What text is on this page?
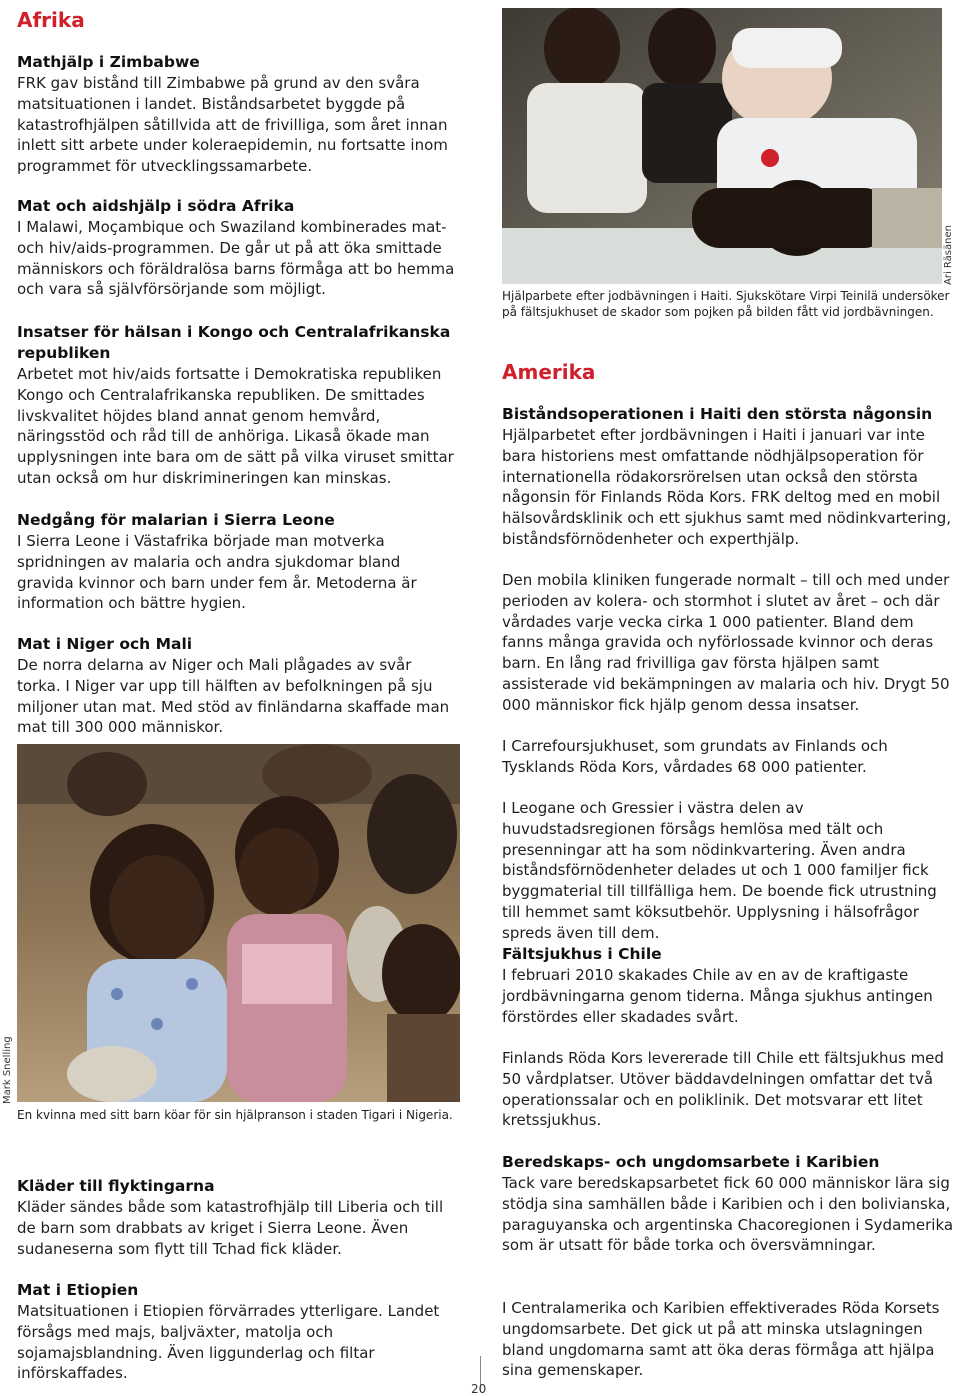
Afrika
Mathjälp i Zimbabwe

FRK gav bistånd till Zimbabwe på grund av den svåra matsituationen i landet. Biståndsarbetet byggde på katastrofhjälpen såtillvida att de frivilliga, som året innan inlett sitt arbete under koleraepidemin, nu fortsatte inom programmet för utvecklingssamarbete.

Mat och aidshjälp i södra Afrika

I Malawi, Moçambique och Swaziland kombinerades mat- och hiv/aids-programmen. De går ut på att öka smittade människors och föräldralösa barns förmåga att bo hemma och vara så självförsörjande som möjligt.

Insatser för hälsan i Kongo och Centralafrikanska republiken

Arbetet mot hiv/aids fortsatte i Demokratiska republiken Kongo och Centralafrikanska republiken. De smittades livskvalitet höjdes bland annat genom hemvård, näringsstöd och råd till de anhöriga. Likaså ökade man upplysningen inte bara om de sätt på vilka viruset smittar utan också om hur diskrimineringen kan minskas.

Nedgång för malarian i Sierra Leone

I Sierra Leone i Västafrika började man motverka spridningen av malaria och andra sjukdomar bland gravida kvinnor och barn under fem år. Metoderna är information och bättre hygien.

Mat i Niger och Mali

De norra delarna av Niger och Mali plågades av svår torka. I Niger var upp till hälften av befolkningen på sju miljoner utan mat. Med stöd av finländarna skaffade man mat till 300 000 människor.

Mark Snelling
En kvinna med sitt barn köar för sin hjälpranson i staden Tigari i Nigeria.
Kläder till flyktingarna

Kläder sändes både som katastrofhjälp till Liberia och till de barn som drabbats av kriget i Sierra Leone. Även sudaneserna som flytt till Tchad fick kläder.

Mat i Etiopien

Matsituationen i Etiopien förvärrades ytterligare. Landet försågs med majs, baljväxter, matolja och sojamajsblandning. Även liggunderlag och filtar införskaffades.

Ari Räsänen
Hjälparbete efter jodbävningen i Haiti. Sjukskötare Virpi Teinilä undersöker på fältsjukhuset de skador som pojken på bilden fått vid jordbävningen.
Amerika
Biståndsoperationen i Haiti den största någonsin

Hjälparbetet efter jordbävningen i Haiti i januari var inte bara historiens mest omfattande nödhjälpsoperation för internationella rödakorsrörelsen utan också den största någonsin för Finlands Röda Kors. FRK deltog med en mobil hälsovårdsklinik och ett sjukhus samt med nödinkvartering, biståndsförnödenheter och experthjälp.

Den mobila kliniken fungerade normalt – till och med under perioden av kolera- och stormhot i slutet av året – och där vårdades varje vecka cirka 1 000 patienter. Bland dem fanns många gravida och nyförlossade kvinnor och deras barn. En lång rad frivilliga gav första hjälpen samt assisterade vid bekämpningen av malaria och hiv. Drygt 50 000 människor fick hjälp genom dessa insatser.

I Carrefoursjukhuset, som grundats av Finlands och Tysklands Röda Kors, vårdades 68 000 patienter.

I Leogane och Gressier i västra delen av huvudstadsregionen försågs hemlösa med tält och presenningar att ha som nödinkvartering. Även andra biståndsförnödenheter delades ut och 1 000 familjer fick byggmaterial till tillfälliga hem. De boende fick utrustning till hemmet samt köksutbehör. Upplysning i hälsofrågor spreds även till dem.

Fältsjukhus i Chile

I februari 2010 skakades Chile av en av de kraftigaste jordbävningarna genom tiderna. Många sjukhus antingen förstördes eller skadades svårt.

Finlands Röda Kors levererade till Chile ett fältsjukhus med 50 vårdplatser. Utöver bäddavdelningen omfattar det två operationssalar och en poliklinik. Det motsvarar ett litet kretssjukhus.

Beredskaps- och ungdomsarbete i Karibien

Tack vare beredskapsarbetet fick 60 000 människor lära sig stödja sina samhällen både i Karibien och i den bolivianska, paraguyanska och argentinska Chacoregionen i Sydamerika som är utsatt för både torka och översvämningar.

I Centralamerika och Karibien effektiverades Röda Korsets ungdomsarbete. Det gick ut på att minska utslagningen bland ungdomarna samt att öka deras förmåga att hjälpa sina gemenskaper.

20
